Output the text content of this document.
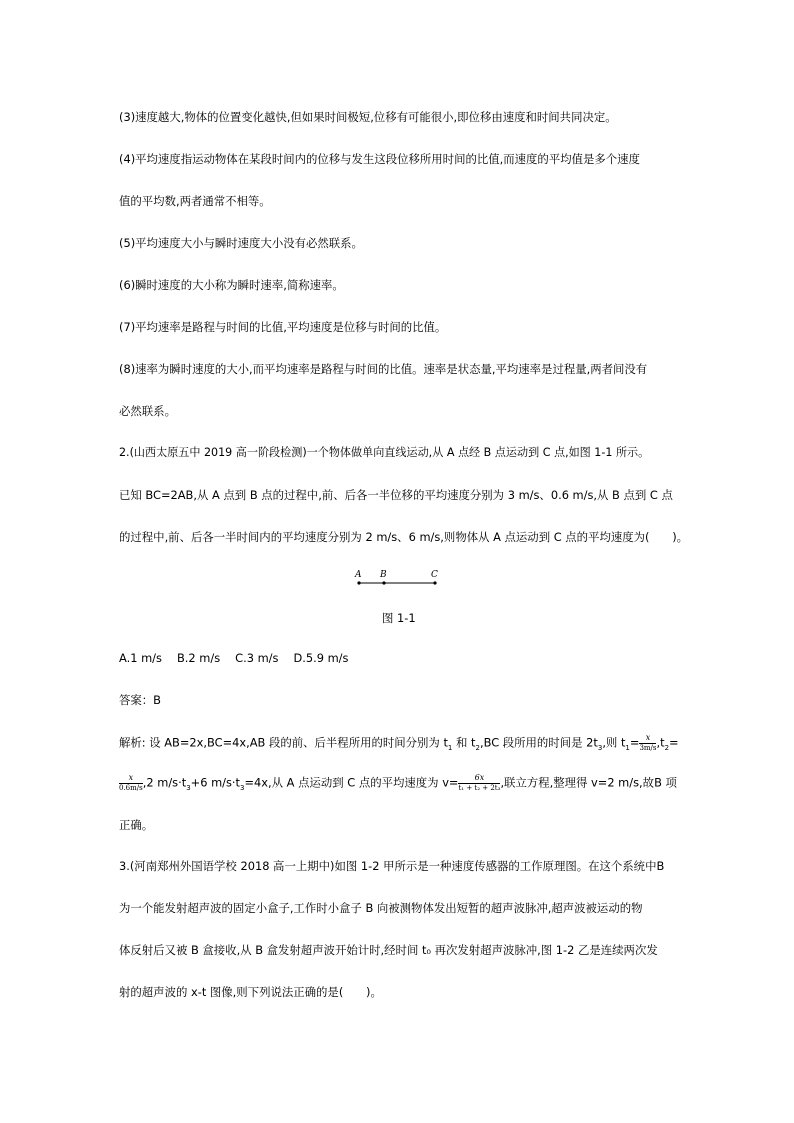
(3)速度越大,物体的位置变化越快,但如果时间极短,位移有可能很小,即位移由速度和时间共同决定。
(4)平均速度指运动物体在某段时间内的位移与发生这段位移所用时间的比值,而速度的平均值是多个速度
值的平均数,两者通常不相等。
(5)平均速度大小与瞬时速度大小没有必然联系。
(6)瞬时速度的大小称为瞬时速率,简称速率。
(7)平均速率是路程与时间的比值,平均速度是位移与时间的比值。
(8)速率为瞬时速度的大小,而平均速率是路程与时间的比值。速率是状态量,平均速率是过程量,两者间没有
必然联系。
2.(山西太原五中 2019 高一阶段检测)一个物体做单向直线运动,从 A 点经 B 点运动到 C 点,如图 1-1 所示。
已知 BC=2AB,从 A 点到 B 点的过程中,前、后各一半位移的平均速度分别为 3 m/s、0.6 m/s,从 B 点到 C 点
的过程中,前、后各一半时间内的平均速度分别为 2 m/s、6 m/s,则物体从 A 点运动到 C 点的平均速度为(　　)。
A B	C
图 1-1
A.1 m/s　 B.2 m/s　 C.3 m/s　 D.5.9 m/s
答案：B
解析: 设 AB=2x,BC=4x,AB 段的前、后半程所用的时间分别为 $t_1$ 和 $t_2,BC$ 段所用的时间是 $2t_3$,则 $t_1= \frac{x}{3m/s} ,t_2=$
$\frac{x}{0.6m/s} ,2$ $m/s\cdot t_3+6$ $m/s\cdot t_3=4x$,从 A 点运动到 C 点的平均速度为 $v= \frac{6x}{\text{t₁ + t₂ + 2t₃}}$ ,联立方程,整理得 v=2 m/s,故B 项
正确。
3.(河南郑州外国语学校 2018 高一上期中)如图 1-2 甲所示是一种速度传感器的工作原理图。在这个系统中B
为一个能发射超声波的固定小盒子,工作时小盒子 B 向被测物体发出短暂的超声波脉冲,超声波被运动的物
体反射后又被 B 盒接收,从 B 盒发射超声波开始计时,经时间 t₀ 再次发射超声波脉冲,图 1-2 乙是连续两次发
射的超声波的 x-t 图像,则下列说法正确的是(　　)。
